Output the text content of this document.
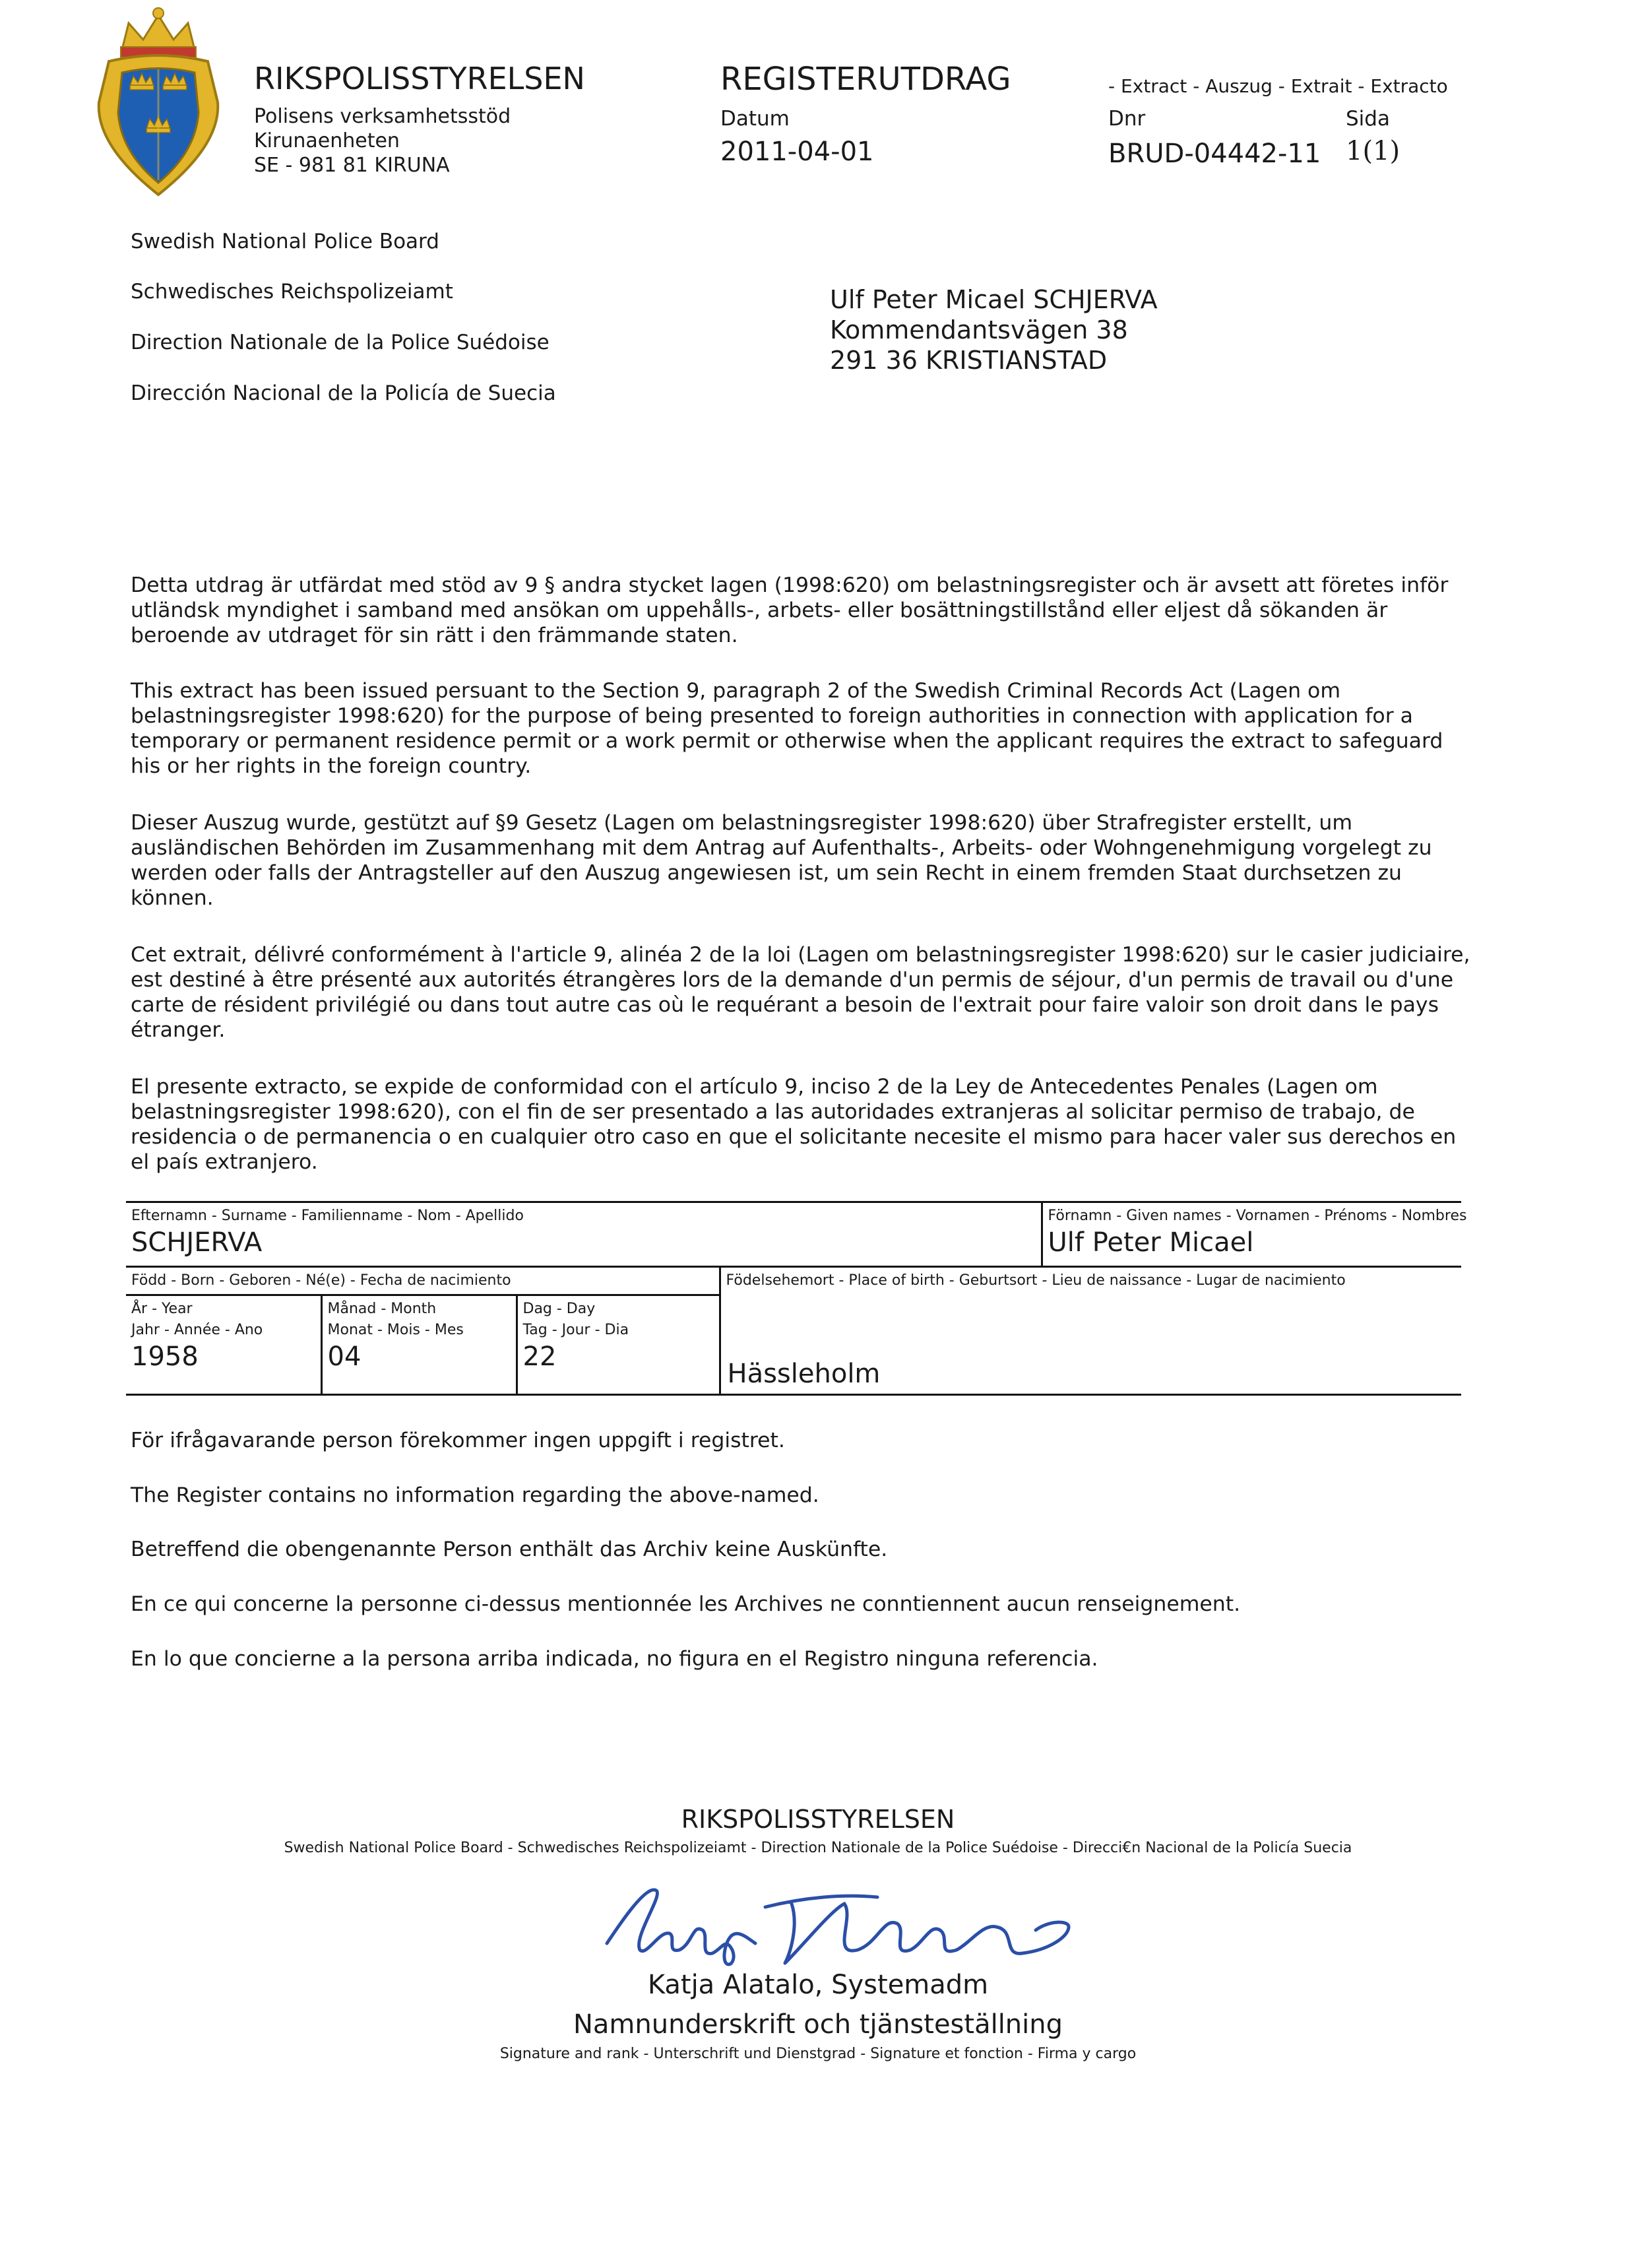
RIKSPOLISSTYRELSEN
Polisens verksamhetsstöd
Kirunaenheten
SE - 981 81 KIRUNA
REGISTERUTDRAG
Datum
2011-04-01
- Extract - Auszug - Extrait - Extracto
Dnr
BRUD-04442-11
Sida
1(1)
Swedish National Police Board
Schwedisches Reichspolizeiamt
Direction Nationale de la Police Suédoise
Dirección Nacional de la Policía de Suecia
Ulf Peter Micael SCHJERVA
Kommendantsvägen 38
291 36 KRISTIANSTAD

Detta utdrag är utfärdat med stöd av 9 § andra stycket lagen (1998:620) om belastningsregister och är avsett att företes inför utländsk myndighet i samband med ansökan om uppehålls-, arbets- eller bosättningstillstånd eller eljest då sökanden är beroende av utdraget för sin rätt i den främmande staten.

This extract has been issued persuant to the Section 9, paragraph 2 of the Swedish Criminal Records Act (Lagen om belastningsregister 1998:620) for the purpose of being presented to foreign authorities in connection with application for a temporary or permanent residence permit or a work permit or otherwise when the applicant requires the extract to safeguard his or her rights in the foreign country.

Dieser Auszug wurde, gestützt auf §9 Gesetz (Lagen om belastningsregister 1998:620) über Strafregister erstellt, um ausländischen Behörden im Zusammenhang mit dem Antrag auf Aufenthalts-, Arbeits- oder Wohngenehmigung vorgelegt zu werden oder falls der Antragsteller auf den Auszug angewiesen ist, um sein Recht in einem fremden Staat durchsetzen zu können.

Cet extrait, délivré conformément à l'article 9, alinéa 2 de la loi (Lagen om belastningsregister 1998:620) sur le casier judiciaire, est destiné à être présenté aux autorités étrangères lors de la demande d'un permis de séjour, d'un permis de travail ou d'une carte de résident privilégié ou dans tout autre cas où le requérant a besoin de l'extrait pour faire valoir son droit dans le pays étranger.

El presente extracto, se expide de conformidad con el artículo 9, inciso 2 de la Ley de Antecedentes Penales (Lagen om belastningsregister 1998:620), con el fin de ser presentado a las autoridades extranjeras al solicitar permiso de trabajo, de residencia o de permanencia o en cualquier otro caso en que el solicitante necesite el mismo para hacer valer sus derechos en el país extranjero.

Efternamn - Surname - Familienname - Nom - Apellido
SCHJERVA

Förnamn - Given names - Vornamen - Prénoms - Nombres
Ulf Peter Micael

Född - Born - Geboren - Né(e) - Fecha de nacimiento
År - Year
Jahr - Année - Ano
1958

Månad - Month
Monat - Mois - Mes
04

Dag - Day
Tag - Jour - Dia
22

Födelsehemort - Place of birth - Geburtsort - Lieu de naissance - Lugar de nacimiento
Hässleholm
För ifrågavarande person förekommer ingen uppgift i registret.
The Register contains no information regarding the above-named.
Betreffend die obengenannte Person enthält das Archiv keine Auskünfte.
En ce qui concerne la personne ci-dessus mentionnée les Archives ne conntiennent aucun renseignement.
En lo que concierne a la persona arriba indicada, no figura en el Registro ninguna referencia.
RIKSPOLISSTYRELSEN
Swedish National Police Board - Schwedisches Reichspolizeiamt - Direction Nationale de la Police Suédoise - Direcci€n Nacional de la Policía Suecia
Katja Alatalo, Systemadm
Namnunderskrift och tjänsteställning
Signature and rank - Unterschrift und Dienstgrad - Signature et fonction - Firma y cargo
